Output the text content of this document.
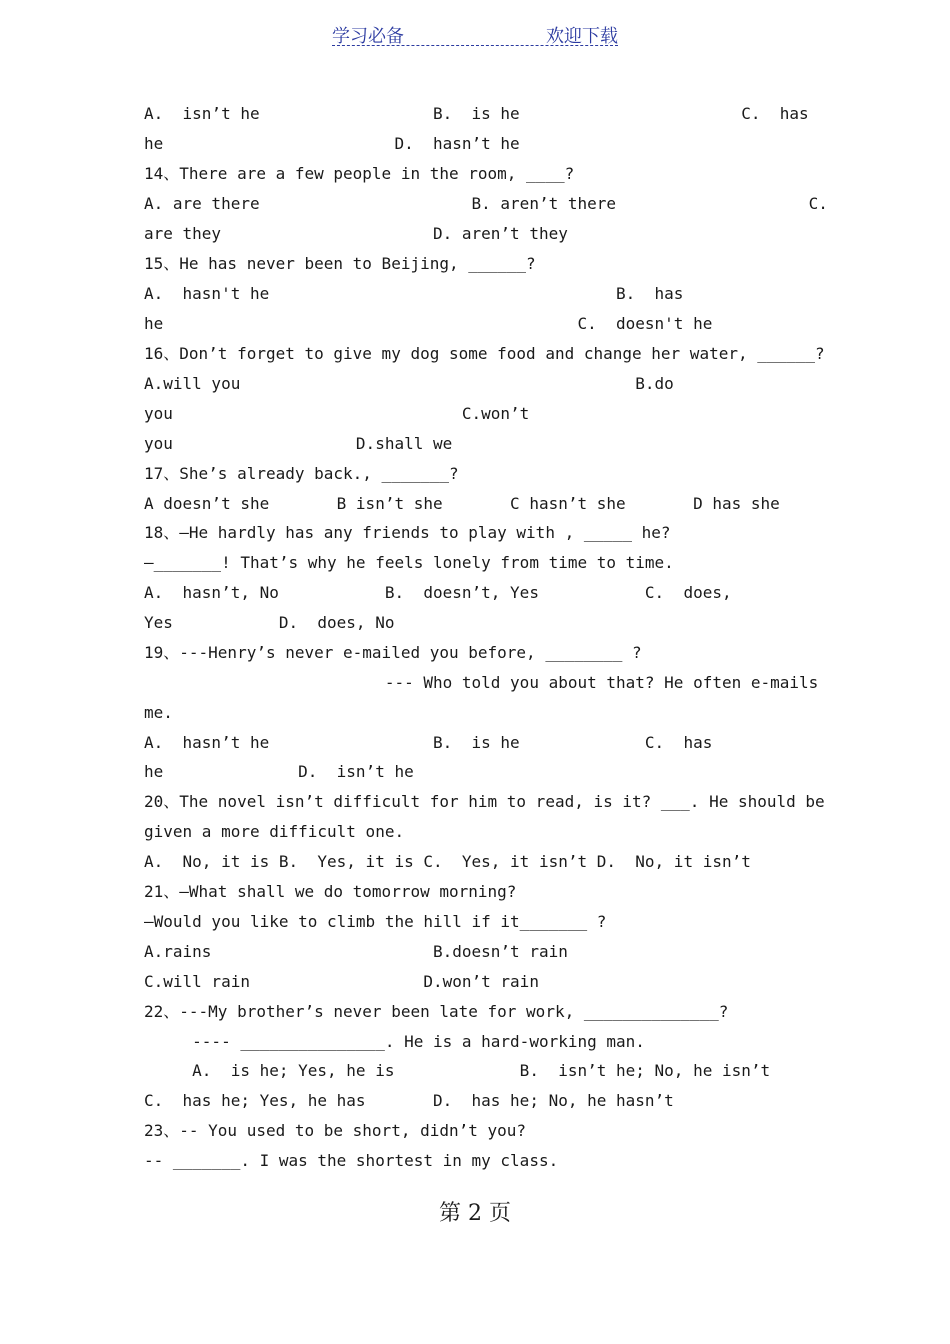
学习必备	欢迎下载
A.  isn’t he                  B.  is he                       C.  has
he                        D.  hasn’t he
14、There are a few people in the room, ____?
A. are there                      B. aren’t there                    C.
are they                      D. aren’t they
15、He has never been to Beijing, ______?
A.  hasn't he                                    B.  has
he                                           C.  doesn't he
16、Don’t forget to give my dog some food and change her water, ______?
A.will you                                         B.do
you                              C.won’t
you                   D.shall we
17、She’s already back., _______?
A doesn’t she       B isn’t she       C hasn’t she       D has she
18、—He hardly has any friends to play with , _____ he?
—_______! That’s why he feels lonely from time to time.
A.  hasn’t, No           B.  doesn’t, Yes           C.  does,
Yes           D.  does, No
19、---Henry’s never e-mailed you before, ________ ?
--- Who told you about that? He often e-mails
me.
A.  hasn’t he                 B.  is he             C.  has
he              D.  isn’t he
20、The novel isn’t difficult for him to read, is it? ___. He should be
given a more difficult one.
A.  No, it is B.  Yes, it is C.  Yes, it isn’t D.  No, it isn’t
21、—What shall we do tomorrow morning?
—Would you like to climb the hill if it_______ ?
A.rains                       B.doesn’t rain
C.will rain                  D.won’t rain
22、---My brother’s never been late for work, ______________?
---- _______________. He is a hard-working man.
A.  is he; Yes, he is             B.  isn’t he; No, he isn’t
C.  has he; Yes, he has       D.  has he; No, he hasn’t
23、-- You used to be short, didn’t you?
-- _______. I was the shortest in my class.
第 2 页
